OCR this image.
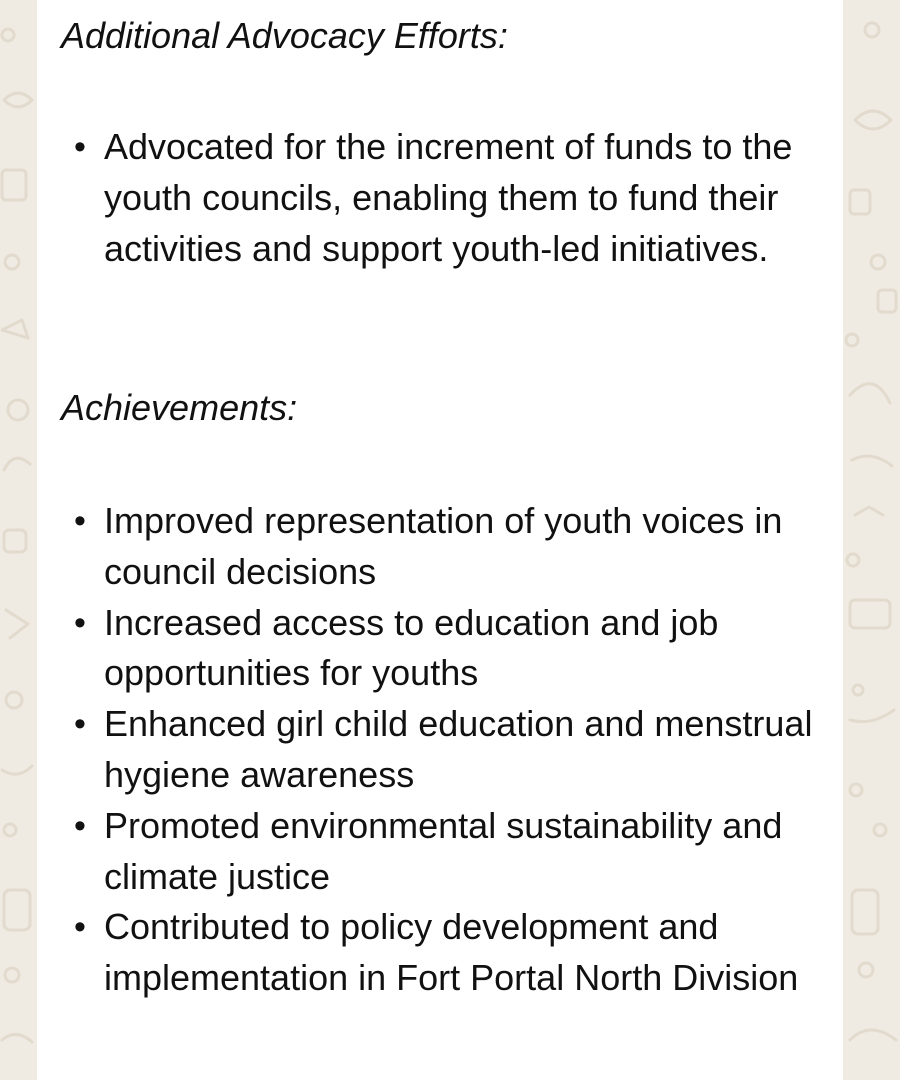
Additional Advocacy Efforts:

• Advocated for the increment of funds to the youth councils, enabling them to fund their activities and support youth-led initiatives.

Achievements:

• Improved representation of youth voices in council decisions
• Increased access to education and job opportunities for youths
• Enhanced girl child education and menstrual hygiene awareness
• Promoted environmental sustainability and climate justice
• Contributed to policy development and implementation in Fort Portal North Division
